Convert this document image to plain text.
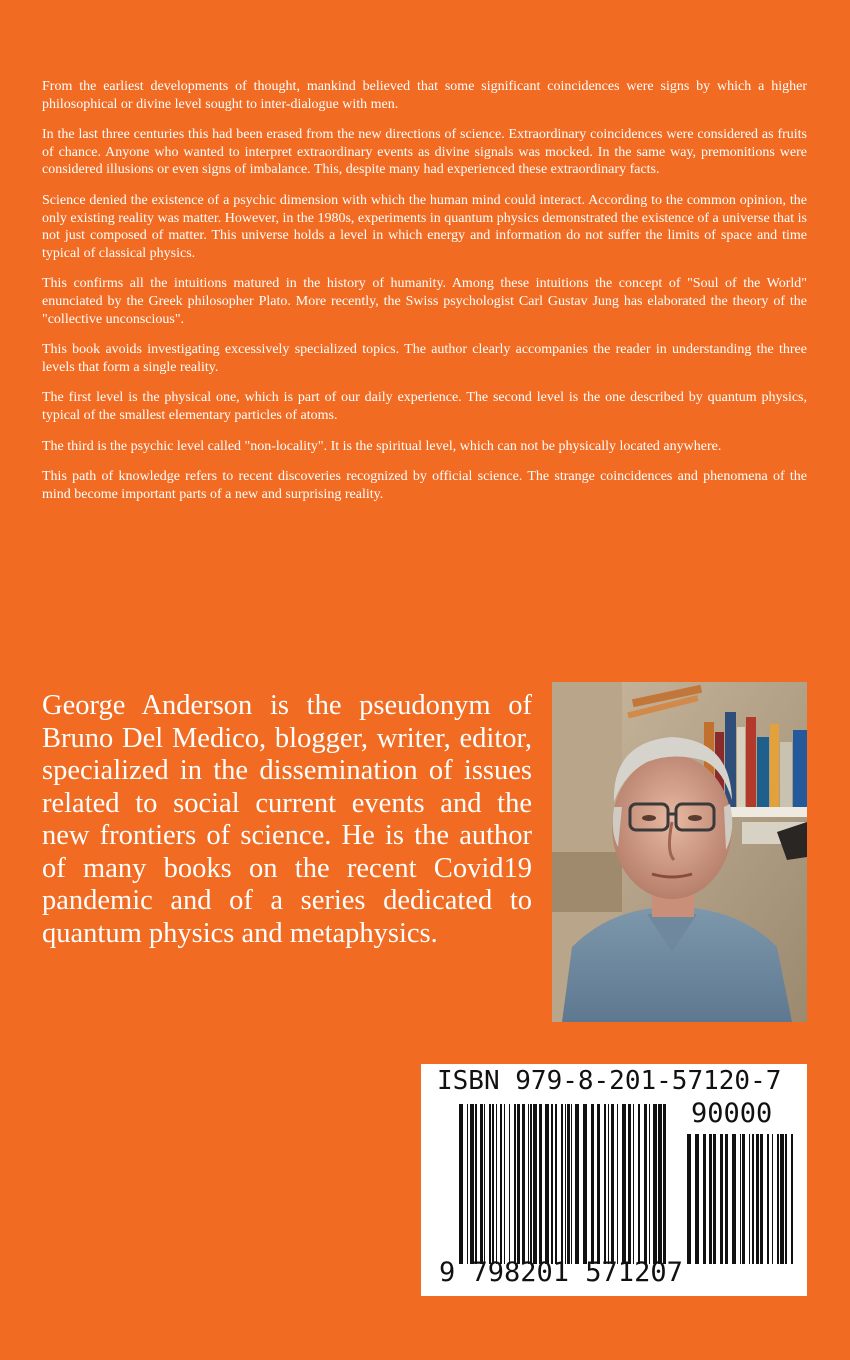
From the earliest developments of thought, mankind believed that some significant coincidences were signs by which a higher philosophical or divine level sought to inter-dialogue with men.

In the last three centuries this had been erased from the new directions of science. Extraordinary coincidences were considered as fruits of chance. Anyone who wanted to interpret extraordinary events as divine signals was mocked. In the same way, premonitions were considered illusions or even signs of imbalance. This, despite many had experienced these extraordinary facts.

Science denied the existence of a psychic dimension with which the human mind could interact. According to the common opinion, the only existing reality was matter. However, in the 1980s, experiments in quantum physics demonstrated the existence of a universe that is not just composed of matter. This universe holds a level in which energy and information do not suffer the limits of space and time typical of classical physics.

This confirms all the intuitions matured in the history of humanity. Among these intuitions the concept of "Soul of the World" enunciated by the Greek philosopher Plato. More recently, the Swiss psychologist Carl Gustav Jung has elaborated the theory of the "collective unconscious".

This book avoids investigating excessively specialized topics. The author clearly accompanies the reader in understanding the three levels that form a single reality.

The first level is the physical one, which is part of our daily experience. The second level is the one described by quantum physics, typical of the smallest elementary particles of atoms.

The third is the psychic level called "non-locality". It is the spiritual level, which can not be physically located anywhere.

This path of knowledge refers to recent discoveries recognized by official science. The strange coincidences and phenomena of the mind become important parts of a new and surprising reality.

George Anderson is the pseudonym of Bruno Del Medico, blogger, writer, editor, specialized in the dissemination of issues related to social current events and the new frontiers of science. He is the author of many books on the recent Covid19 pandemic and of a series dedicated to quantum physics and metaphysics.
ISBN 979-8-201-57120-7
90000
9 798201 571207
